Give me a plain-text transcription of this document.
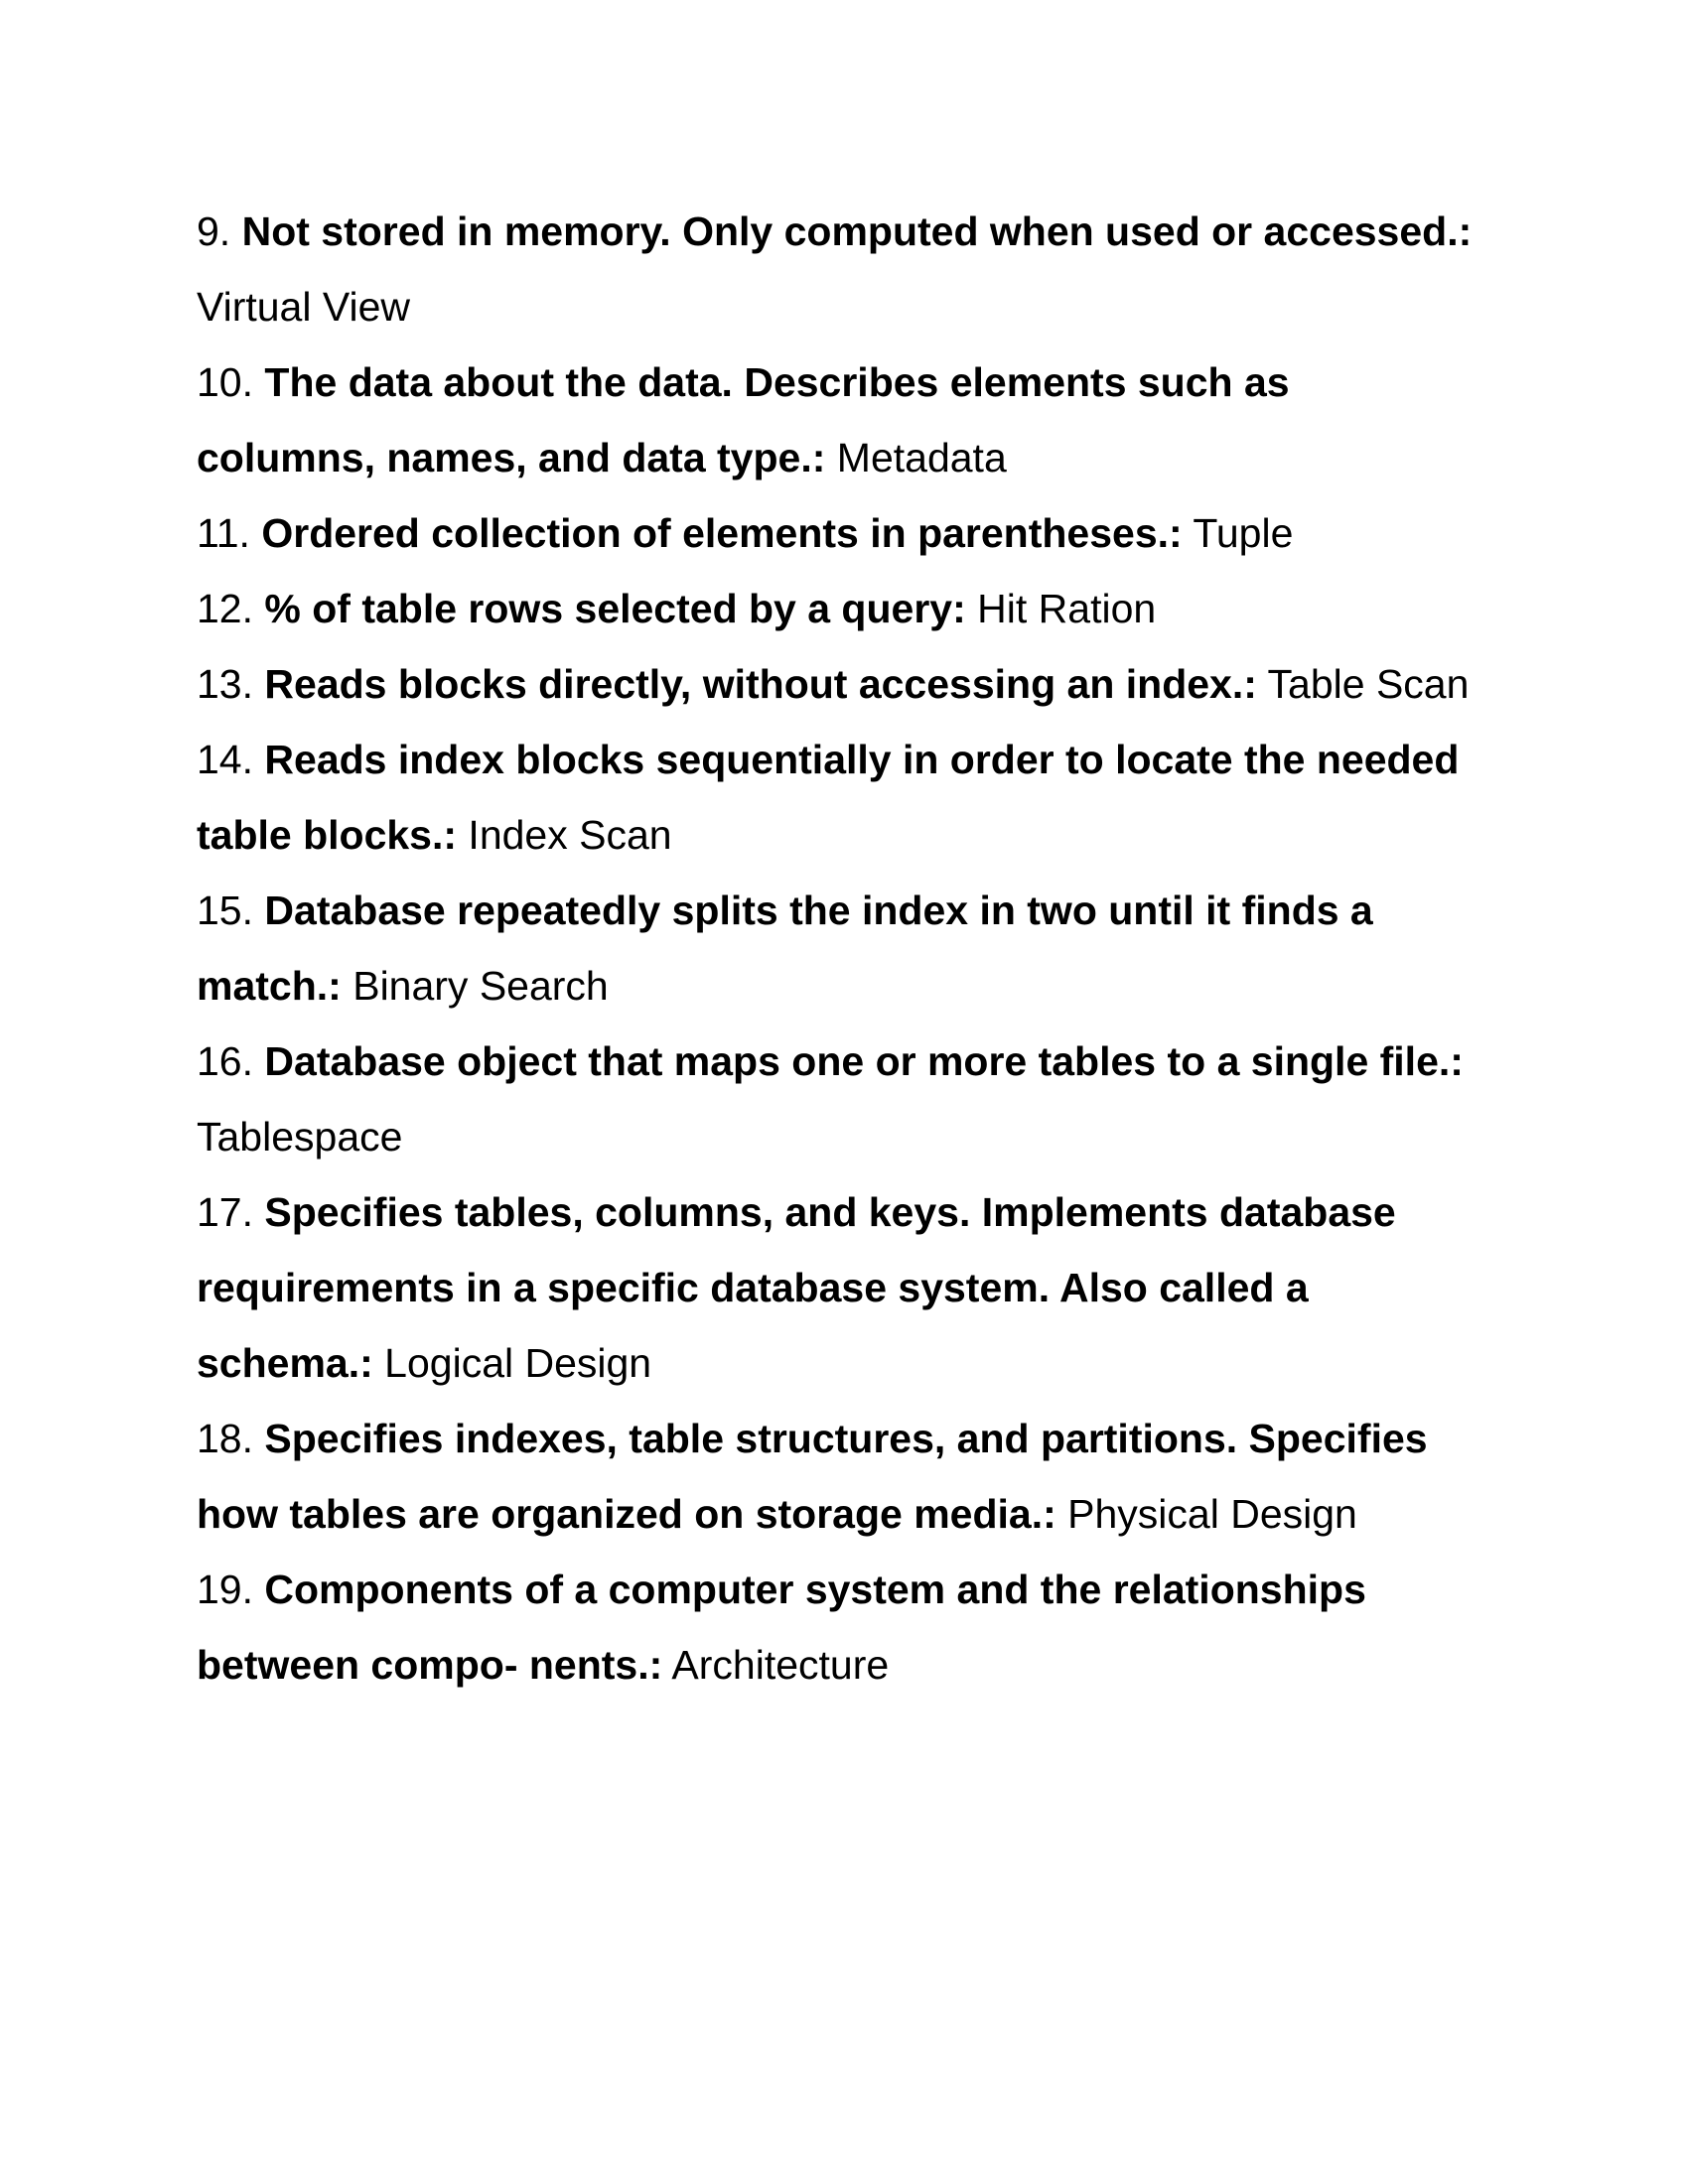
9. Not stored in memory. Only computed when used or accessed.: Virtual View
10. The data about the data. Describes elements such as columns, names, and data type.: Metadata
11. Ordered collection of elements in parentheses.: Tuple
12. % of table rows selected by a query: Hit Ration
13. Reads blocks directly, without accessing an index.: Table Scan
14. Reads index blocks sequentially in order to locate the needed table blocks.: Index Scan
15. Database repeatedly splits the index in two until it finds a match.: Binary Search
16. Database object that maps one or more tables to a single file.: Tablespace
17. Specifies tables, columns, and keys. Implements database requirements in a specific database system. Also called a schema.: Logical Design
18. Specifies indexes, table structures, and partitions. Specifies how tables are organized on storage media.: Physical Design
19. Components of a computer system and the relationships between compo- nents.: Architecture
